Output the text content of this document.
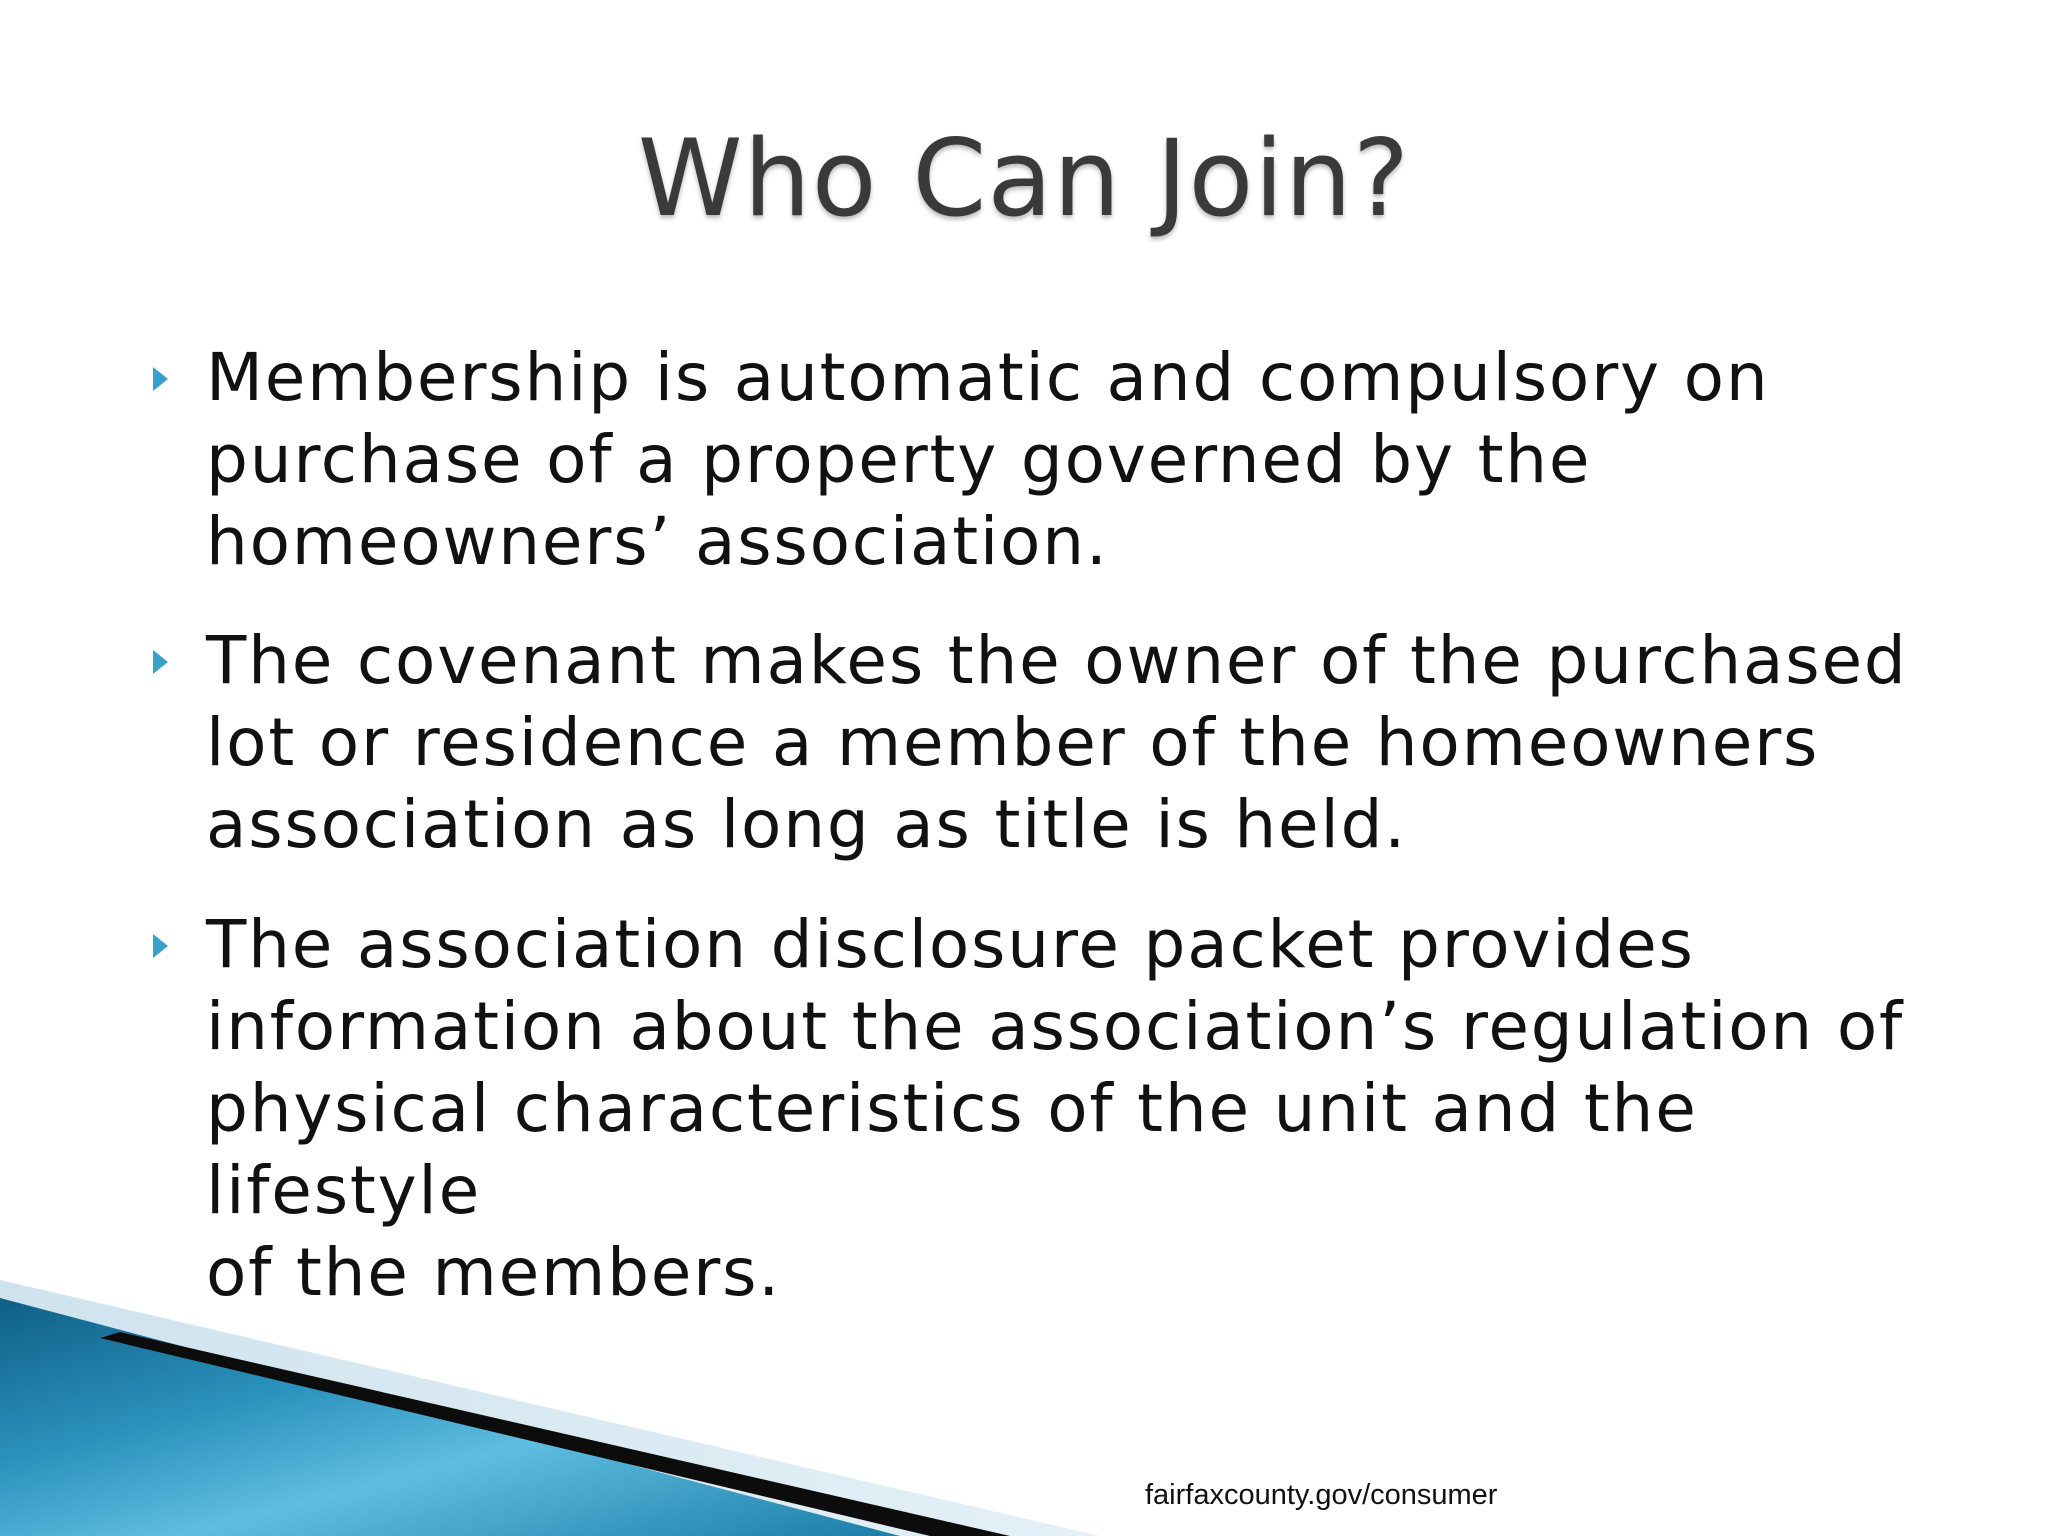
Who Can Join?
Membership is automatic and compulsory on
purchase of a property governed by the
homeowners’ association.
The covenant makes the owner of the purchased
lot or residence a member of the homeowners
association as long as title is held.
The association disclosure packet provides
information about the association’s regulation of
physical characteristics of the unit and the lifestyle
of the members.

fairfaxcounty.gov/consumer
